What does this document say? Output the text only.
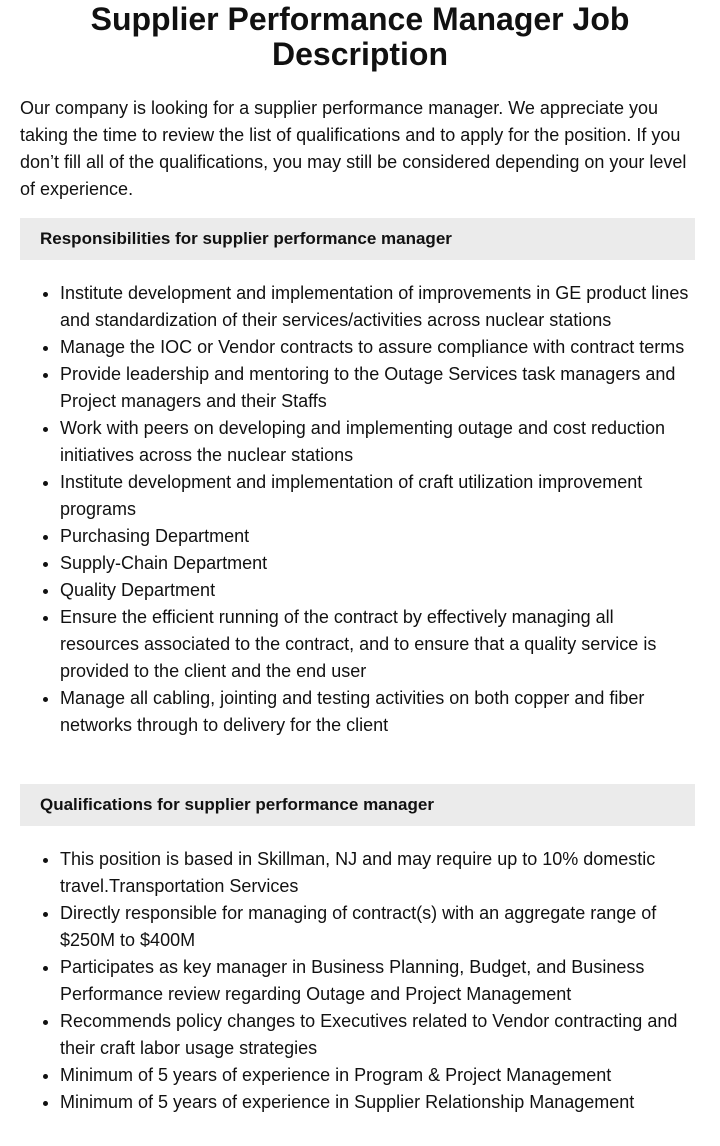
Supplier Performance Manager Job Description

Our company is looking for a supplier performance manager. We appreciate you taking the time to review the list of qualifications and to apply for the position. If you don’t fill all of the qualifications, you may still be considered depending on your level of experience.

Responsibilities for supplier performance manager
• Institute development and implementation of improvements in GE product lines and standardization of their services/activities across nuclear stations
• Manage the IOC or Vendor contracts to assure compliance with contract terms
• Provide leadership and mentoring to the Outage Services task managers and Project managers and their Staffs
• Work with peers on developing and implementing outage and cost reduction initiatives across the nuclear stations
• Institute development and implementation of craft utilization improvement programs
• Purchasing Department
• Supply-Chain Department
• Quality Department
• Ensure the efficient running of the contract by effectively managing all resources associated to the contract, and to ensure that a quality service is provided to the client and the end user
• Manage all cabling, jointing and testing activities on both copper and fiber networks through to delivery for the client
Qualifications for supplier performance manager
• This position is based in Skillman, NJ and may require up to 10% domestic travel.Transportation Services
• Directly responsible for managing of contract(s) with an aggregate range of $250M to $400M
• Participates as key manager in Business Planning, Budget, and Business Performance review regarding Outage and Project Management
• Recommends policy changes to Executives related to Vendor contracting and their craft labor usage strategies
• Minimum of 5 years of experience in Program & Project Management
• Minimum of 5 years of experience in Supplier Relationship Management
